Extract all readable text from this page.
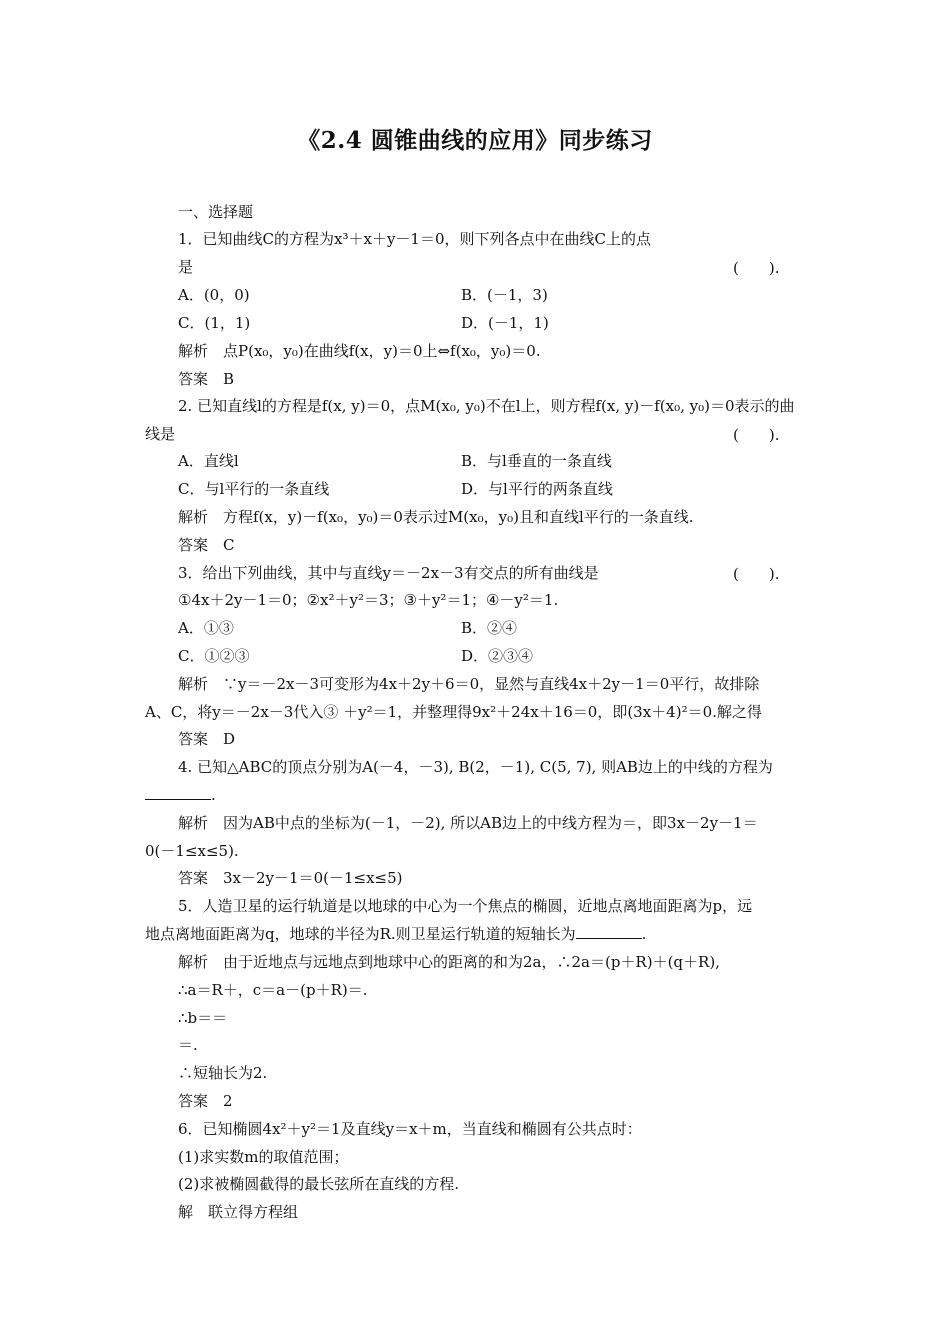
《2.4 圆锥曲线的应用》同步练习
一、选择题
1．已知曲线C的方程为x³＋x＋y－1＝0，则下列各点中在曲线C上的点
是	(　　).
A．(0，0)	B．(－1，3)
C．(1，1)	D．(－1，1)
解析　点P(x₀，y₀)在曲线f(x，y)＝0上⇔f(x₀，y₀)＝0.
答案　B
2. 已知直线l的方程是f(x, y)＝0，点M(x₀, y₀)不在l上，则方程f(x, y)－f(x₀, y₀)＝0表示的曲
线是	(　　).
A．直线l	B．与l垂直的一条直线
C．与l平行的一条直线	D．与l平行的两条直线
解析　方程f(x，y)－f(x₀，y₀)＝0表示过M(x₀，y₀)且和直线l平行的一条直线.
答案　C
3．给出下列曲线，其中与直线y＝－2x－3有交点的所有曲线是	(　　).
①4x＋2y－1＝0；②x²＋y²＝3；③＋y²＝1；④－y²＝1.
A．①③	B．②④
C．①②③	D．②③④
解析　∵y＝－2x－3可变形为4x＋2y＋6＝0，显然与直线4x＋2y－1＝0平行，故排除
A、C，将y＝－2x－3代入③ ＋y²＝1，并整理得9x²＋24x＋16＝0，即(3x＋4)²＝0.解之得
答案　D
4. 已知△ABC的顶点分别为A(－4，－3), B(2，－1), C(5, 7), 则AB边上的中线的方程为
.
解析　因为AB中点的坐标为(－1，－2), 所以AB边上的中线方程为＝，即3x－2y－1＝
0(－1≤x≤5).
答案　3x－2y－1＝0(－1≤x≤5)
5．人造卫星的运行轨道是以地球的中心为一个焦点的椭圆，近地点离地面距离为p，远
地点离地面距离为q，地球的半径为R.则卫星运行轨道的短轴长为	.
解析　由于近地点与远地点到地球中心的距离的和为2a，∴2a＝(p＋R)＋(q＋R),
∴a＝R＋，c＝a－(p＋R)＝.
∴b＝＝
＝.
∴短轴长为2.
答案　2
6．已知椭圆4x²＋y²＝1及直线y＝x＋m，当直线和椭圆有公共点时：
(1)求实数m的取值范围；
(2)求被椭圆截得的最长弦所在直线的方程.
解　联立得方程组
